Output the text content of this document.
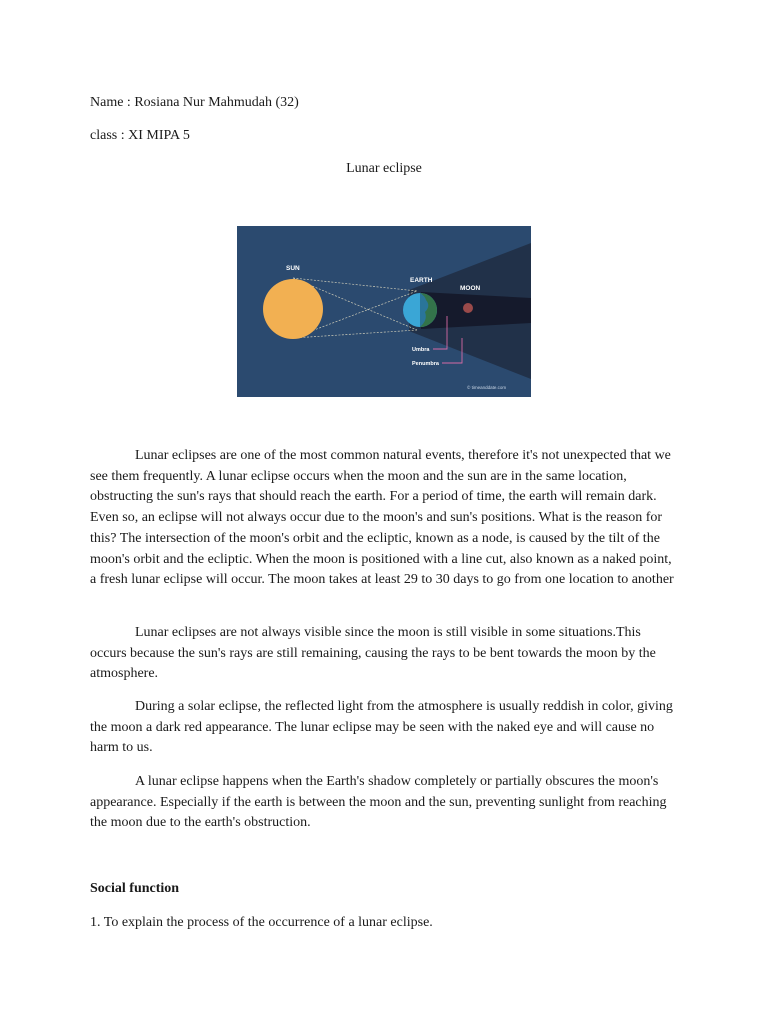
Name : Rosiana Nur Mahmudah (32)
class : XI MIPA 5
Lunar eclipse
SUN
EARTH
MOON
Umbra
Penumbra
© timeanddate.com

Lunar eclipses are one of the most common natural events, therefore it's not unexpected that we see them frequently. A lunar eclipse occurs when the moon and the sun are in the same location, obstructing the sun's rays that should reach the earth. For a period of time, the earth will remain dark. Even so, an eclipse will not always occur due to the moon's and sun's positions. What is the reason for this? The intersection of the moon's orbit and the ecliptic, known as a node, is caused by the tilt of the moon's orbit and the ecliptic. When the moon is positioned with a line cut, also known as a naked point, a fresh lunar eclipse will occur. The moon takes at least 29 to 30 days to go from one location to another

Lunar eclipses are not always visible since the moon is still visible in some situations.This occurs because the sun's rays are still remaining, causing the rays to be bent towards the moon by the atmosphere.

During a solar eclipse, the reflected light from the atmosphere is usually reddish in color, giving the moon a dark red appearance. The lunar eclipse may be seen with the naked eye and will cause no harm to us.

A lunar eclipse happens when the Earth's shadow completely or partially obscures the moon's appearance. Especially if the earth is between the moon and the sun, preventing sunlight from reaching the moon due to the earth's obstruction.

Social function
1. To explain the process of the occurrence of a lunar eclipse.
